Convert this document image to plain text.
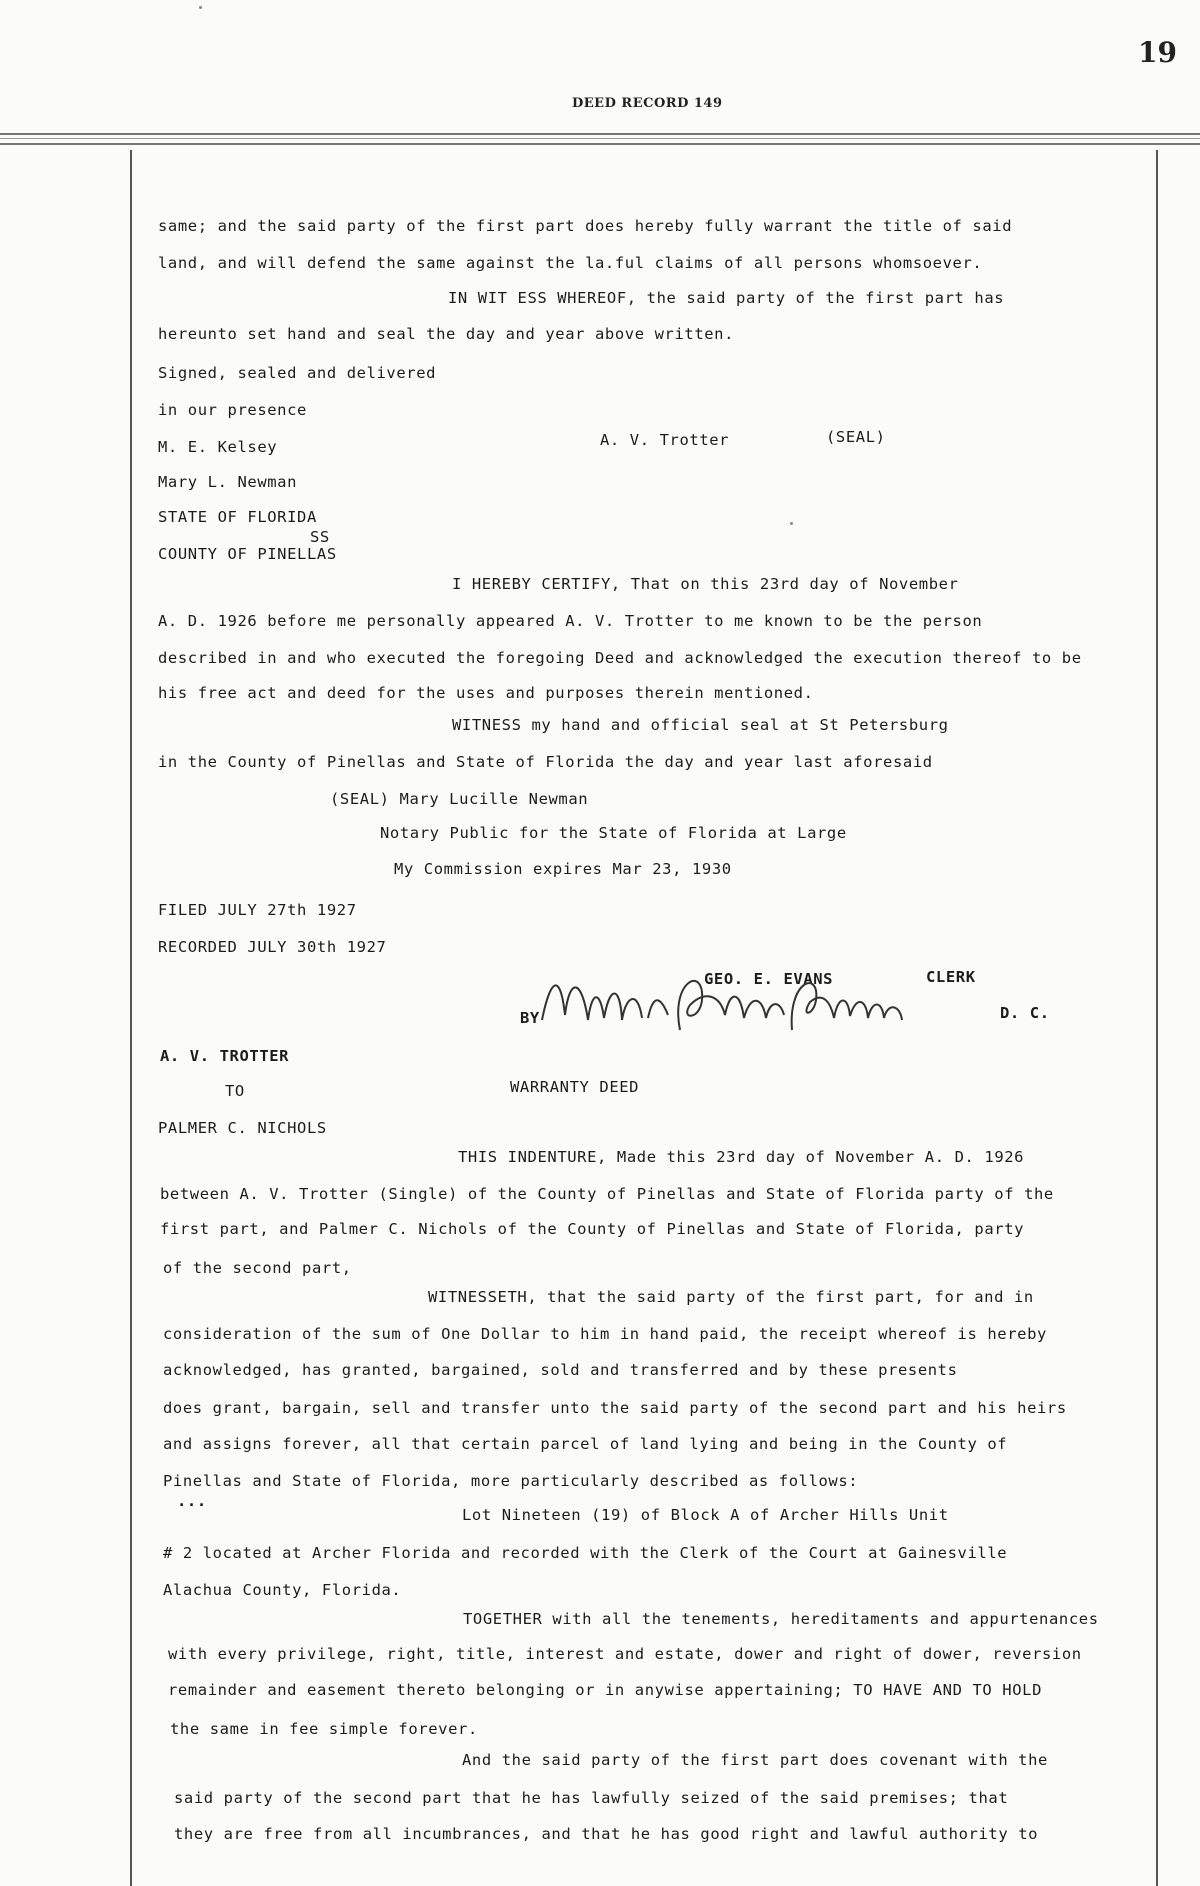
19
DEED RECORD 149
same; and the said party of the first part does hereby fully warrant the title of said
land, and will defend the same against the la.ful claims of all persons whomsoever.
IN WIT ESS WHEREOF, the said party of the first part has
hereunto set hand and seal the day and year above written.
Signed, sealed and delivered
in our presence
M. E. Kelsey	A. V. Trotter	(SEAL)
Mary L. Newman
STATE OF FLORIDA
SS
COUNTY OF PINELLAS
I HEREBY CERTIFY, That on this 23rd day of November
A. D. 1926 before me personally appeared A. V. Trotter to me known to be the person
described in and who executed the foregoing Deed and acknowledged the execution thereof to be
his free act and deed for the uses and purposes therein mentioned.
WITNESS my hand and official seal at St Petersburg
in the County of Pinellas and State of Florida the day and year last aforesaid
(SEAL) Mary Lucille Newman
Notary Public for the State of Florida at Large
My Commission expires Mar 23, 1930
FILED JULY 27th 1927
RECORDED JULY 30th 1927
GEO. E. EVANS	CLERK
BY	D. C.
A. V. TROTTER
TO	WARRANTY DEED
PALMER C. NICHOLS
THIS INDENTURE, Made this 23rd day of November A. D. 1926
between A. V. Trotter (Single) of the County of Pinellas and State of Florida party of the
first part, and Palmer C. Nichols of the County of Pinellas and State of Florida, party
of the second part,
WITNESSETH, that the said party of the first part, for and in
consideration of the sum of One Dollar to him in hand paid, the receipt whereof is hereby
acknowledged, has granted, bargained, sold and transferred and by these presents
does grant, bargain, sell and transfer unto the said party of the second part and his heirs
and assigns forever, all that certain parcel of land lying and being in the County of
Pinellas and State of Florida, more particularly described as follows:
...
Lot Nineteen (19) of Block A of Archer Hills Unit
# 2 located at Archer Florida and recorded with the Clerk of the Court at Gainesville
Alachua County, Florida.
TOGETHER with all the tenements, hereditaments and appurtenances
with every privilege, right, title, interest and estate, dower and right of dower, reversion
remainder and easement thereto belonging or in anywise appertaining; TO HAVE AND TO HOLD
the same in fee simple forever.
And the said party of the first part does covenant with the
said party of the second part that he has lawfully seized of the said premises; that
they are free from all incumbrances, and that he has good right and lawful authority to
